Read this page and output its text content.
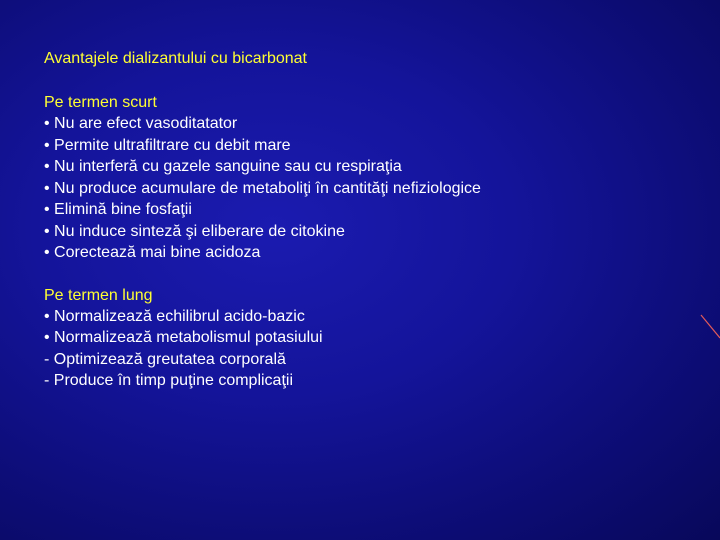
Avantajele dializantului cu bicarbonat
Pe termen scurt
• Nu are efect vasoditatator
• Permite ultrafiltrare cu debit mare
• Nu interferă cu gazele sanguine sau cu respiraţia
• Nu produce acumulare de metaboliţi în cantităţi nefiziologice
• Elimină bine fosfaţii
• Nu induce sinteză şi eliberare de citokine
• Corectează mai bine acidoza
Pe termen lung
• Normalizează echilibrul acido-bazic
• Normalizează metabolismul potasiului
- Optimizează greutatea corporală
- Produce în timp puţine complicaţii
